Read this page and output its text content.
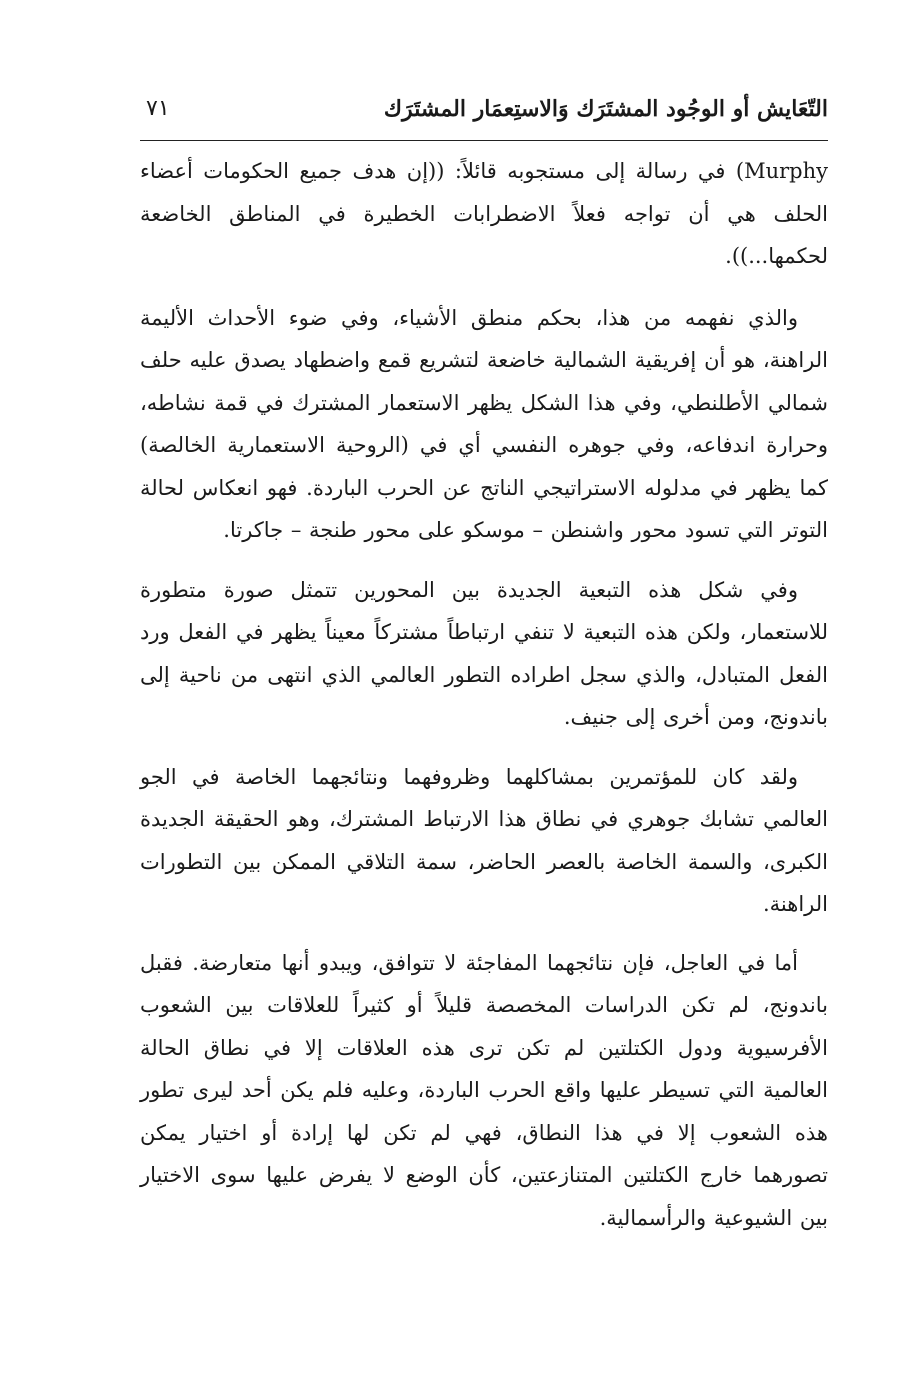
التّعَايش أو الوجُود المشتَرَك وَالاستِعمَار المشتَرَك
٧١

Murphy) في رسالة إلى مستجوبه قائلاً: ((إن هدف جميع الحكومات أعضاء الحلف هي أن تواجه فعلاً الاضطرابات الخطيرة في المناطق الخاضعة لحكمها...)).

والذي نفهمه من هذا، بحكم منطق الأشياء، وفي ضوء الأحداث الأليمة الراهنة، هو أن إفريقية الشمالية خاضعة لتشريع قمع واضطهاد يصدق عليه حلف شمالي الأطلنطي، وفي هذا الشكل يظهر الاستعمار المشترك في قمة نشاطه، وحرارة اندفاعه، وفي جوهره النفسي أي في (الروحية الاستعمارية الخالصة) كما يظهر في مدلوله الاستراتيجي الناتج عن الحرب الباردة. فهو انعكاس لحالة التوتر التي تسود محور واشنطن – موسكو على محور طنجة – جاكرتا.

وفي شكل هذه التبعية الجديدة بين المحورين تتمثل صورة متطورة للاستعمار، ولكن هذه التبعية لا تنفي ارتباطاً مشتركاً معيناً يظهر في الفعل ورد الفعل المتبادل، والذي سجل اطراده التطور العالمي الذي انتهى من ناحية إلى باندونج، ومن أخرى إلى جنيف.

ولقد كان للمؤتمرين بمشاكلهما وظروفهما ونتائجهما الخاصة في الجو العالمي تشابك جوهري في نطاق هذا الارتباط المشترك، وهو الحقيقة الجديدة الكبرى، والسمة الخاصة بالعصر الحاضر، سمة التلاقي الممكن بين التطورات الراهنة.

أما في العاجل، فإن نتائجهما المفاجئة لا تتوافق، ويبدو أنها متعارضة. فقبل باندونج، لم تكن الدراسات المخصصة قليلاً أو كثيراً للعلاقات بين الشعوب الأفرسيوية ودول الكتلتين لم تكن ترى هذه العلاقات إلا في نطاق الحالة العالمية التي تسيطر عليها واقع الحرب الباردة، وعليه فلم يكن أحد ليرى تطور هذه الشعوب إلا في هذا النطاق، فهي لم تكن لها إرادة أو اختيار يمكن تصورهما خارج الكتلتين المتنازعتين، كأن الوضع لا يفرض عليها سوى الاختيار بين الشيوعية والرأسمالية.
